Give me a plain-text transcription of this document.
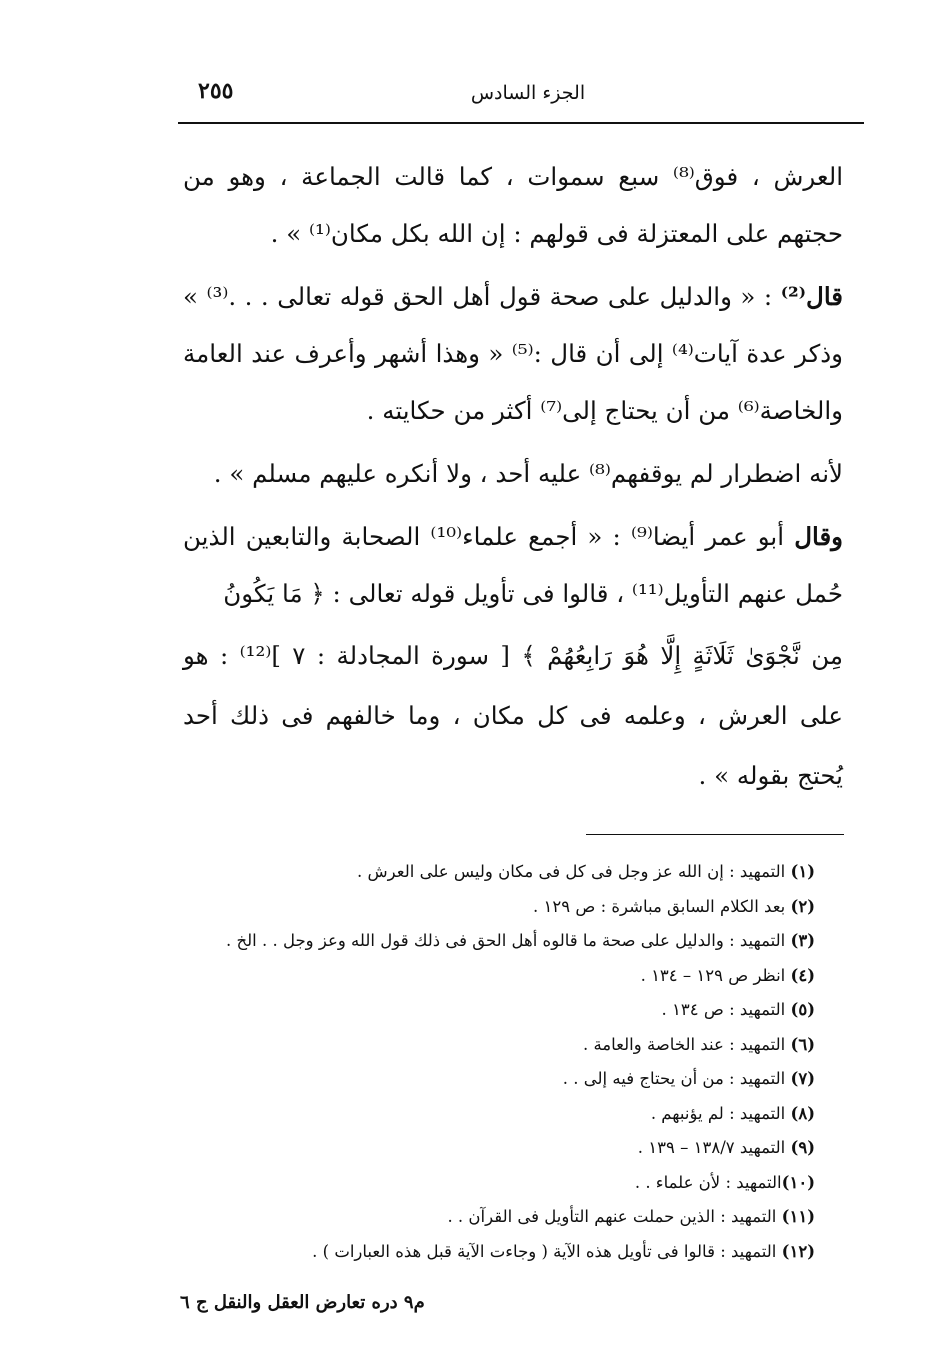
٢٥٥	الجزء السادس

العرش ، فوق⁽⁸⁾ سبع سموات ، كما قالت الجماعة ، وهو من حجتهم على المعتزلة فى قولهم : إن الله بكل مكان⁽¹⁾ » .

قال⁽²⁾ : « والدليل على صحة قول أهل الحق قوله تعالى . . .⁽³⁾ » وذكر عدة آيات⁽⁴⁾ إلى أن قال :⁽⁵⁾ « وهذا أشهر وأعرف عند العامة والخاصة⁽⁶⁾ من أن يحتاج إلى⁽⁷⁾ أكثر من حكايته .

لأنه اضطرار لم يوقفهم⁽⁸⁾ عليه أحد ، ولا أنكره عليهم مسلم » .

وقال أبو عمر أيضا⁽⁹⁾ : « أجمع علماء⁽¹⁰⁾ الصحابة والتابعين الذين حُمل عنهم التأويل⁽¹¹⁾ ، قالوا فى تأويل قوله تعالى : ﴿ مَا يَكُونُ

مِن نَّجْوَىٰ ثَلَاثَةٍ إِلَّا هُوَ رَابِعُهُمْ ﴾ [ سورة المجادلة : ٧ ]⁽¹²⁾ : هو على العرش ، وعلمه فى كل مكان ، وما خالفهم فى ذلك أحد يُحتج بقوله » .

(١) التمهيد : إن الله عز وجل فى كل فى مكان وليس على العرش .
(٢) بعد الكلام السابق مباشرة : ص ١٢٩ .
(٣) التمهيد : والدليل على صحة ما قالوه أهل الحق فى ذلك قول الله وعز وجل . . الخ .
(٤) انظر ص ١٢٩ – ١٣٤ .
(٥) التمهيد : ص ١٣٤ .
(٦) التمهيد : عند الخاصة والعامة .
(٧) التمهيد : من أن يحتاج فيه إلى . .
(٨) التمهيد : لم يؤنبهم .
(٩) التمهيد ١٣٨/٧ – ١٣٩ .
(١٠)التمهيد : لأن علماء . .
(١١) التمهيد : الذين حملت عنهم التأويل فى القرآن . .
(١٢) التمهيد : قالوا فى تأويل هذه الآية ( وجاءت الآية قبل هذه العبارات ) .
م٩ دره تعارض العقل والنقل ج ٦
